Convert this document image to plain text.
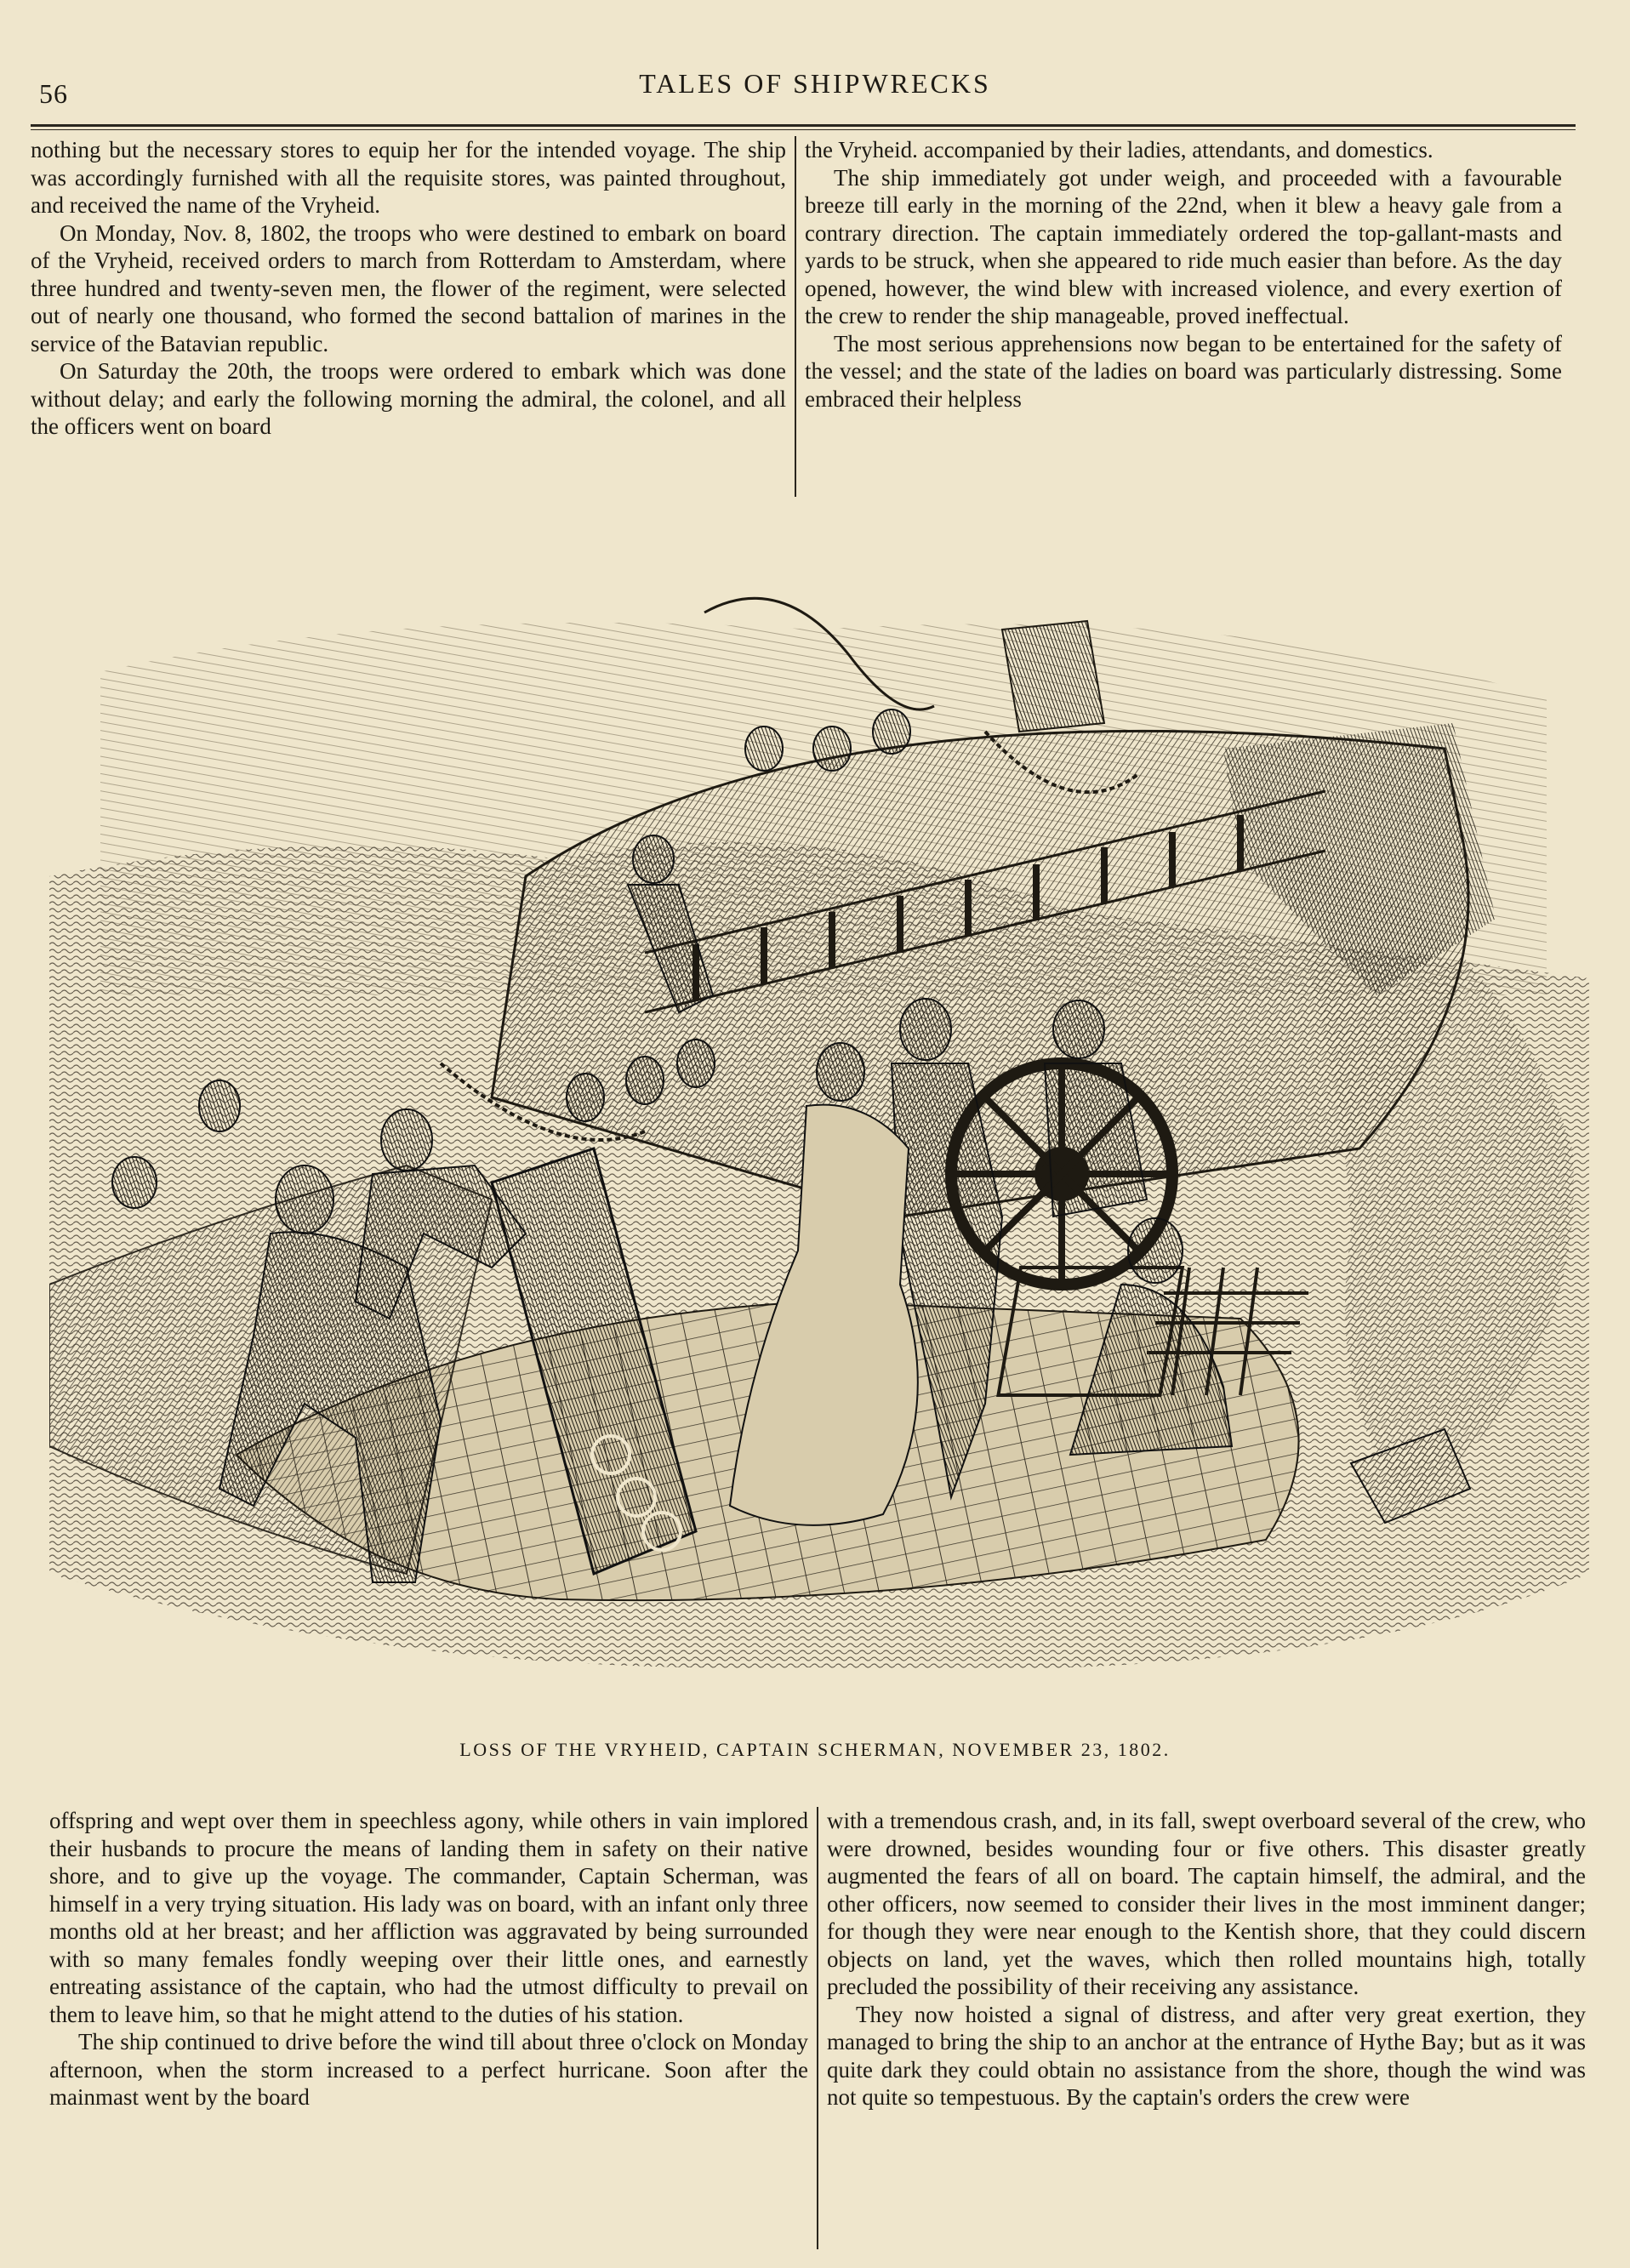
56	TALES OF SHIPWRECKS

nothing but the necessary stores to equip her for the intended voyage. The ship was accordingly furnished with all the requisite stores, was painted throughout, and received the name of the Vryheid.

On Monday, Nov. 8, 1802, the troops who were destined to embark on board of the Vryheid, received orders to march from Rotterdam to Amsterdam, where three hundred and twenty-seven men, the flower of the regiment, were selected out of nearly one thousand, who formed the second battalion of marines in the service of the Batavian republic.

On Saturday the 20th, the troops were ordered to embark which was done without delay; and early the following morning the admiral, the colonel, and all the officers went on board

the Vryheid. accompanied by their ladies, attendants, and domestics.

The ship immediately got under weigh, and proceeded with a favourable breeze till early in the morning of the 22nd, when it blew a heavy gale from a contrary direction. The captain immediately ordered the top-gallant-masts and yards to be struck, when she appeared to ride much easier than before. As the day opened, however, the wind blew with increased violence, and every exertion of the crew to render the ship manageable, proved ineffectual.

The most serious apprehensions now began to be entertained for the safety of the vessel; and the state of the ladies on board was particularly distressing. Some embraced their helpless

LOSS OF THE VRYHEID, CAPTAIN SCHERMAN, NOVEMBER 23, 1802.

offspring and wept over them in speechless agony, while others in vain implored their husbands to procure the means of landing them in safety on their native shore, and to give up the voyage. The commander, Captain Scherman, was himself in a very trying situation. His lady was on board, with an infant only three months old at her breast; and her affliction was aggravated by being surrounded with so many females fondly weeping over their little ones, and earnestly entreating assistance of the captain, who had the utmost difficulty to prevail on them to leave him, so that he might attend to the duties of his station.

The ship continued to drive before the wind till about three o'clock on Monday afternoon, when the storm increased to a perfect hurricane. Soon after the mainmast went by the board

with a tremendous crash, and, in its fall, swept overboard several of the crew, who were drowned, besides wounding four or five others. This disaster greatly augmented the fears of all on board. The captain himself, the admiral, and the other officers, now seemed to consider their lives in the most imminent danger; for though they were near enough to the Kentish shore, that they could discern objects on land, yet the waves, which then rolled mountains high, totally precluded the possibility of their receiving any assistance.

They now hoisted a signal of distress, and after very great exertion, they managed to bring the ship to an anchor at the entrance of Hythe Bay; but as it was quite dark they could obtain no assistance from the shore, though the wind was not quite so tempestuous. By the captain's orders the crew were
